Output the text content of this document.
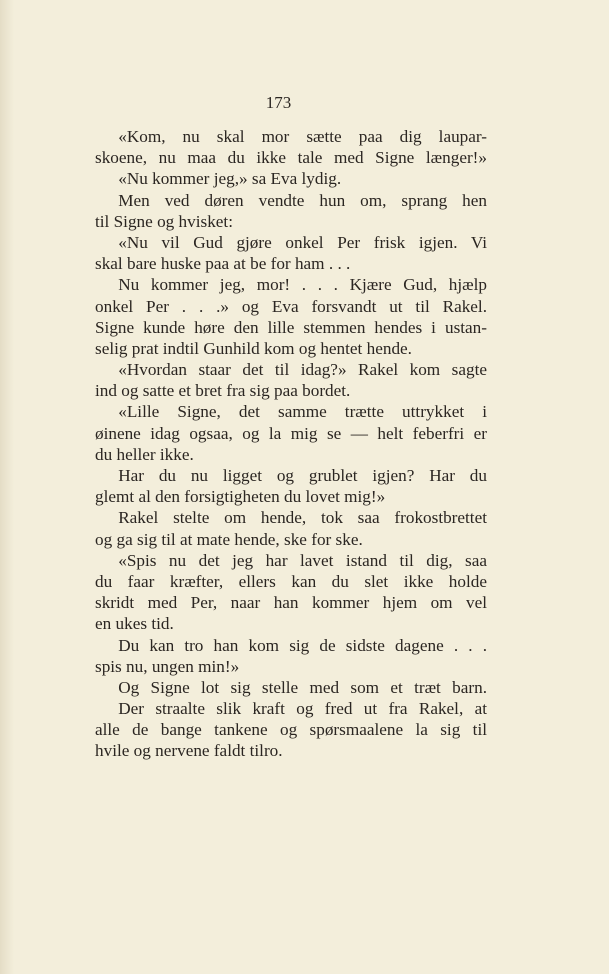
173
«Kom, nu skal mor sætte paa dig laupar-
skoene, nu maa du ikke tale med Signe længer!»
«Nu kommer jeg,» sa Eva lydig.
Men ved døren vendte hun om, sprang hen
til Signe og hvisket:
«Nu vil Gud gjøre onkel Per frisk igjen. Vi
skal bare huske paa at be for ham . . .
Nu kommer jeg, mor! . . . Kjære Gud, hjælp
onkel Per . . .» og Eva forsvandt ut til Rakel.
Signe kunde høre den lille stemmen hendes i ustan-
selig prat indtil Gunhild kom og hentet hende.
«Hvordan staar det til idag?» Rakel kom sagte
ind og satte et bret fra sig paa bordet.
«Lille Signe, det samme trætte uttrykket i
øinene idag ogsaa, og la mig se — helt feberfri er
du heller ikke.
Har du nu ligget og grublet igjen? Har du
glemt al den forsigtigheten du lovet mig!»
Rakel stelte om hende, tok saa frokostbrettet
og ga sig til at mate hende, ske for ske.
«Spis nu det jeg har lavet istand til dig, saa
du faar kræfter, ellers kan du slet ikke holde
skridt med Per, naar han kommer hjem om vel
en ukes tid.
Du kan tro han kom sig de sidste dagene . . .
spis nu, ungen min!»
Og Signe lot sig stelle med som et træt barn.
Der straalte slik kraft og fred ut fra Rakel, at
alle de bange tankene og spørsmaalene la sig til
hvile og nervene faldt tilro.
